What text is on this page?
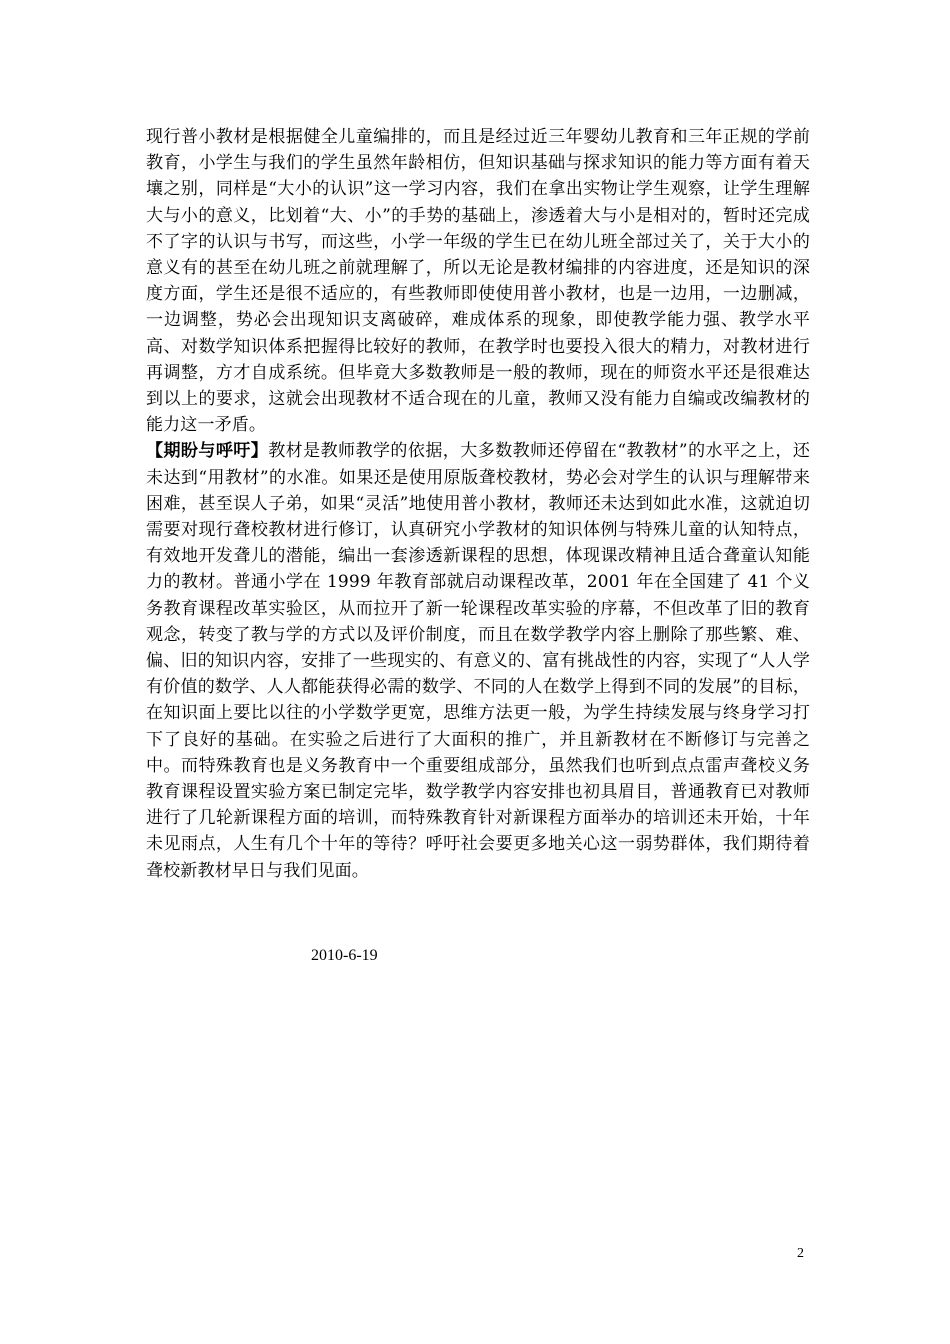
现行普小教材是根据健全儿童编排的，而且是经过近三年婴幼儿教育和三年正规的学前教育，小学生与我们的学生虽然年龄相仿，但知识基础与探求知识的能力等方面有着天壤之别，同样是“大小的认识”这一学习内容，我们在拿出实物让学生观察，让学生理解大与小的意义，比划着“大、小”的手势的基础上，渗透着大与小是相对的，暂时还完成不了字的认识与书写，而这些，小学一年级的学生已在幼儿班全部过关了，关于大小的意义有的甚至在幼儿班之前就理解了，所以无论是教材编排的内容进度，还是知识的深度方面，学生还是很不适应的，有些教师即使使用普小教材，也是一边用，一边删减，一边调整，势必会出现知识支离破碎，难成体系的现象，即使教学能力强、教学水平高、对数学知识体系把握得比较好的教师，在教学时也要投入很大的精力，对教材进行再调整，方才自成系统。但毕竟大多数教师是一般的教师，现在的师资水平还是很难达到以上的要求，这就会出现教材不适合现在的儿童，教师又没有能力自编或改编教材的能力这一矛盾。

【期盼与呼吁】教材是教师教学的依据，大多数教师还停留在“教教材”的水平之上，还未达到“用教材”的水准。如果还是使用原版聋校教材，势必会对学生的认识与理解带来困难，甚至误人子弟，如果“灵活”地使用普小教材，教师还未达到如此水准，这就迫切需要对现行聋校教材进行修订，认真研究小学教材的知识体例与特殊儿童的认知特点，有效地开发聋儿的潜能，编出一套渗透新课程的思想，体现课改精神且适合聋童认知能力的教材。普通小学在 1999 年教育部就启动课程改革，2001 年在全国建了 41 个义务教育课程改革实验区，从而拉开了新一轮课程改革实验的序幕，不但改革了旧的教育观念，转变了教与学的方式以及评价制度，而且在数学教学内容上删除了那些繁、难、偏、旧的知识内容，安排了一些现实的、有意义的、富有挑战性的内容，实现了“人人学有价值的数学、人人都能获得必需的数学、不同的人在数学上得到不同的发展”的目标，在知识面上要比以往的小学数学更宽，思维方法更一般，为学生持续发展与终身学习打下了良好的基础。在实验之后进行了大面积的推广，并且新教材在不断修订与完善之中。而特殊教育也是义务教育中一个重要组成部分，虽然我们也听到点点雷声聋校义务教育课程设置实验方案已制定完毕，数学教学内容安排也初具眉目，普通教育已对教师进行了几轮新课程方面的培训，而特殊教育针对新课程方面举办的培训还未开始，十年未见雨点，人生有几个十年的等待？呼吁社会要更多地关心这一弱势群体，我们期待着聋校新教材早日与我们见面。

2010-6-19
2
